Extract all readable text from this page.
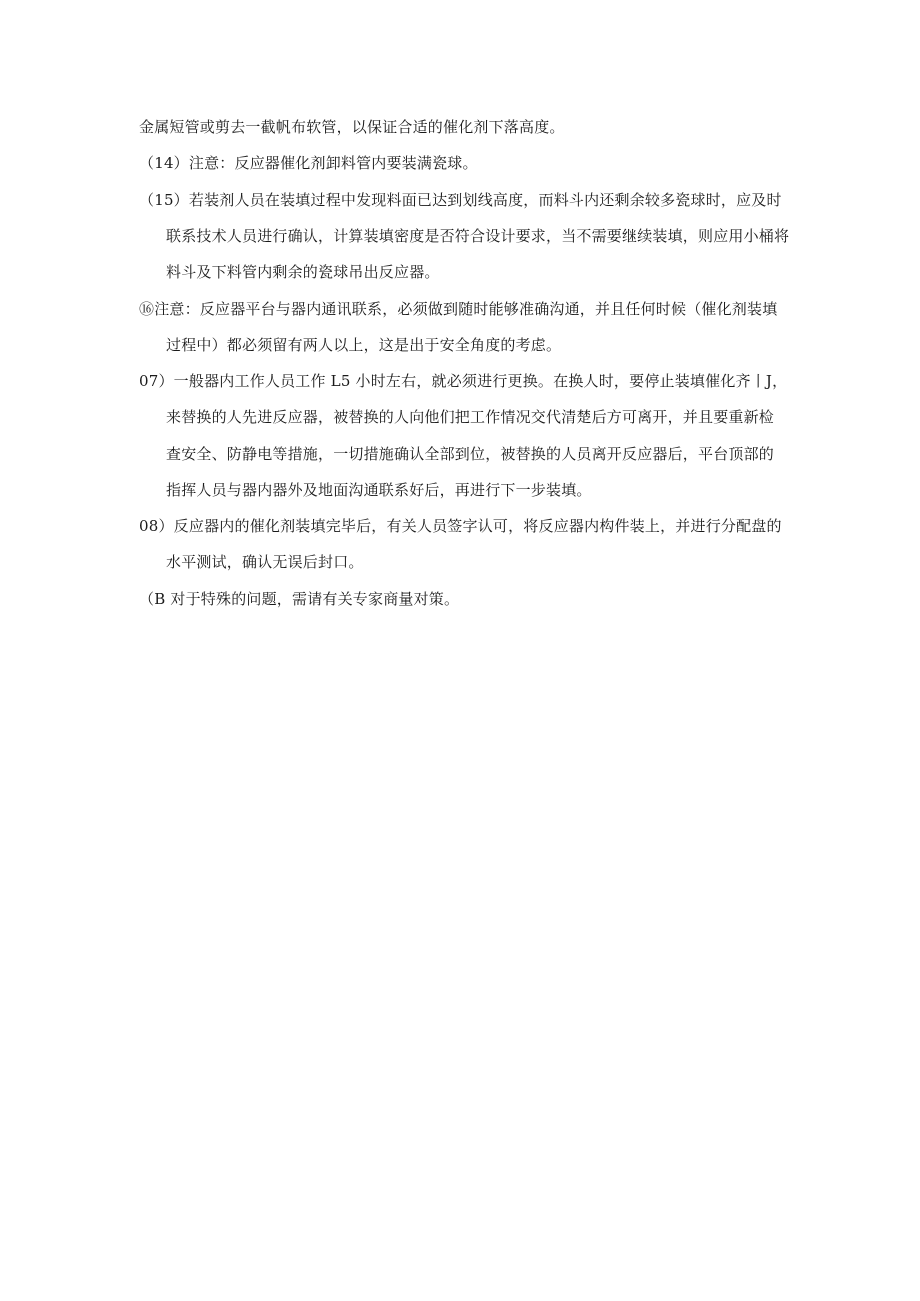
金属短管或剪去一截帆布软管，以保证合适的催化剂下落高度。
（14）注意：反应器催化剂卸料管内要装满瓷球。
（15）若装剂人员在装填过程中发现料面已达到划线高度，而料斗内还剩余较多瓷球时，应及时
联系技术人员进行确认，计算装填密度是否符合设计要求，当不需要继续装填，则应用小桶将
料斗及下料管内剩余的瓷球吊出反应器。
⑯注意：反应器平台与器内通讯联系，必须做到随时能够准确沟通，并且任何时候（催化剂装填
过程中）都必须留有两人以上，这是出于安全角度的考虑。
07）一般器内工作人员工作 L5 小时左右，就必须进行更换。在换人时，要停止装填催化齐丨J，
来替换的人先进反应器，被替换的人向他们把工作情况交代清楚后方可离开，并且要重新检
查安全、防静电等措施，一切措施确认全部到位，被替换的人员离开反应器后，平台顶部的
指挥人员与器内器外及地面沟通联系好后，再进行下一步装填。
08）反应器内的催化剂装填完毕后，有关人员签字认可，将反应器内构件装上，并进行分配盘的
水平测试，确认无误后封口。
（B 对于特殊的问题，需请有关专家商量对策。
